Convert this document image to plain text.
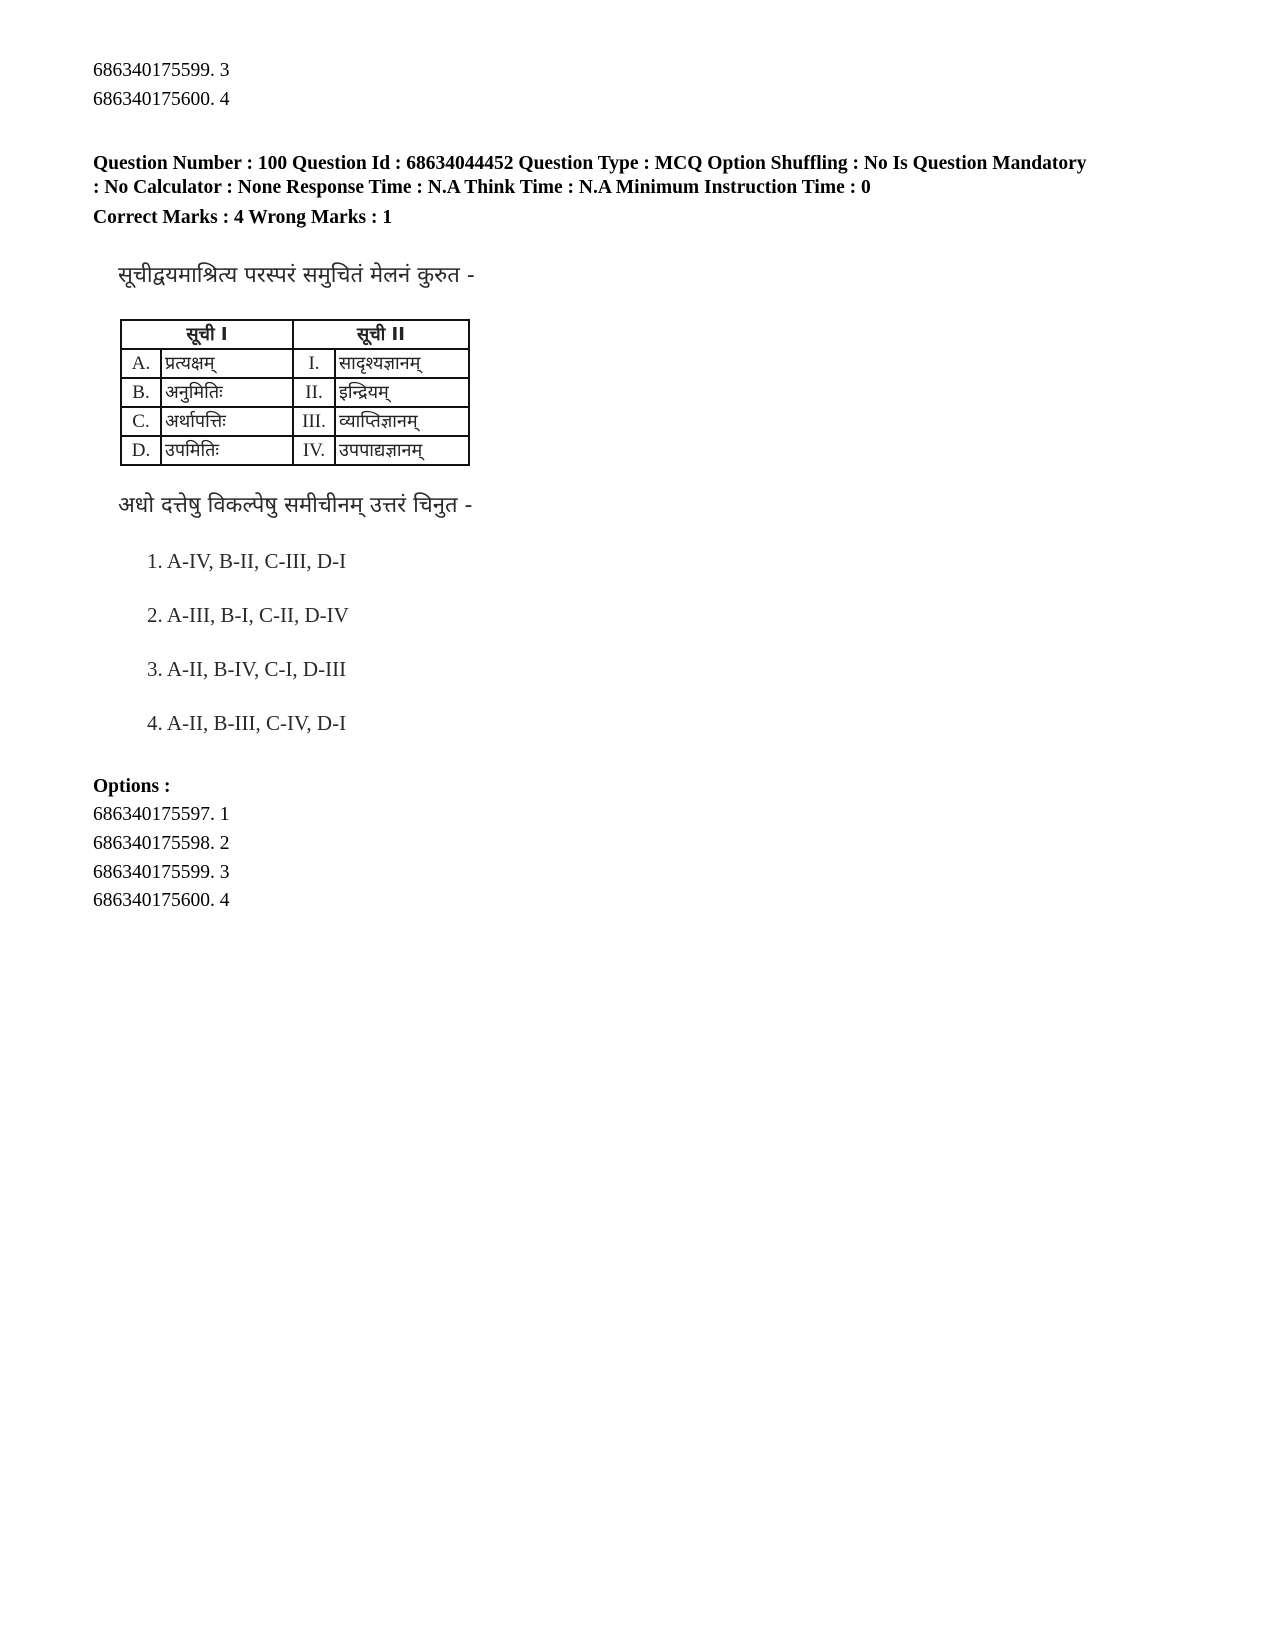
686340175599. 3
686340175600. 4
Question Number : 100 Question Id : 68634044452 Question Type : MCQ Option Shuffling : No Is Question Mandatory
: No Calculator : None Response Time : N.A Think Time : N.A Minimum Instruction Time : 0
Correct Marks : 4 Wrong Marks : 1
सूचीद्वयमाश्रित्य परस्परं समुचितं मेलनं कुरुत -
सूची I		सूची II	
A.	प्रत्यक्षम्	I.	सादृश्यज्ञानम्
B.	अनुमितिः	II.	इन्द्रियम्
C.	अर्थापत्तिः	III.	व्याप्तिज्ञानम्
D.	उपमितिः	IV.	उपपाद्यज्ञानम्
अधो दत्तेषु विकल्पेषु समीचीनम् उत्तरं चिनुत -
1. A-IV, B-II, C-III, D-I
2. A-III, B-I, C-II, D-IV
3. A-II, B-IV, C-I, D-III
4. A-II, B-III, C-IV, D-I
Options :
686340175597. 1
686340175598. 2
686340175599. 3
686340175600. 4
